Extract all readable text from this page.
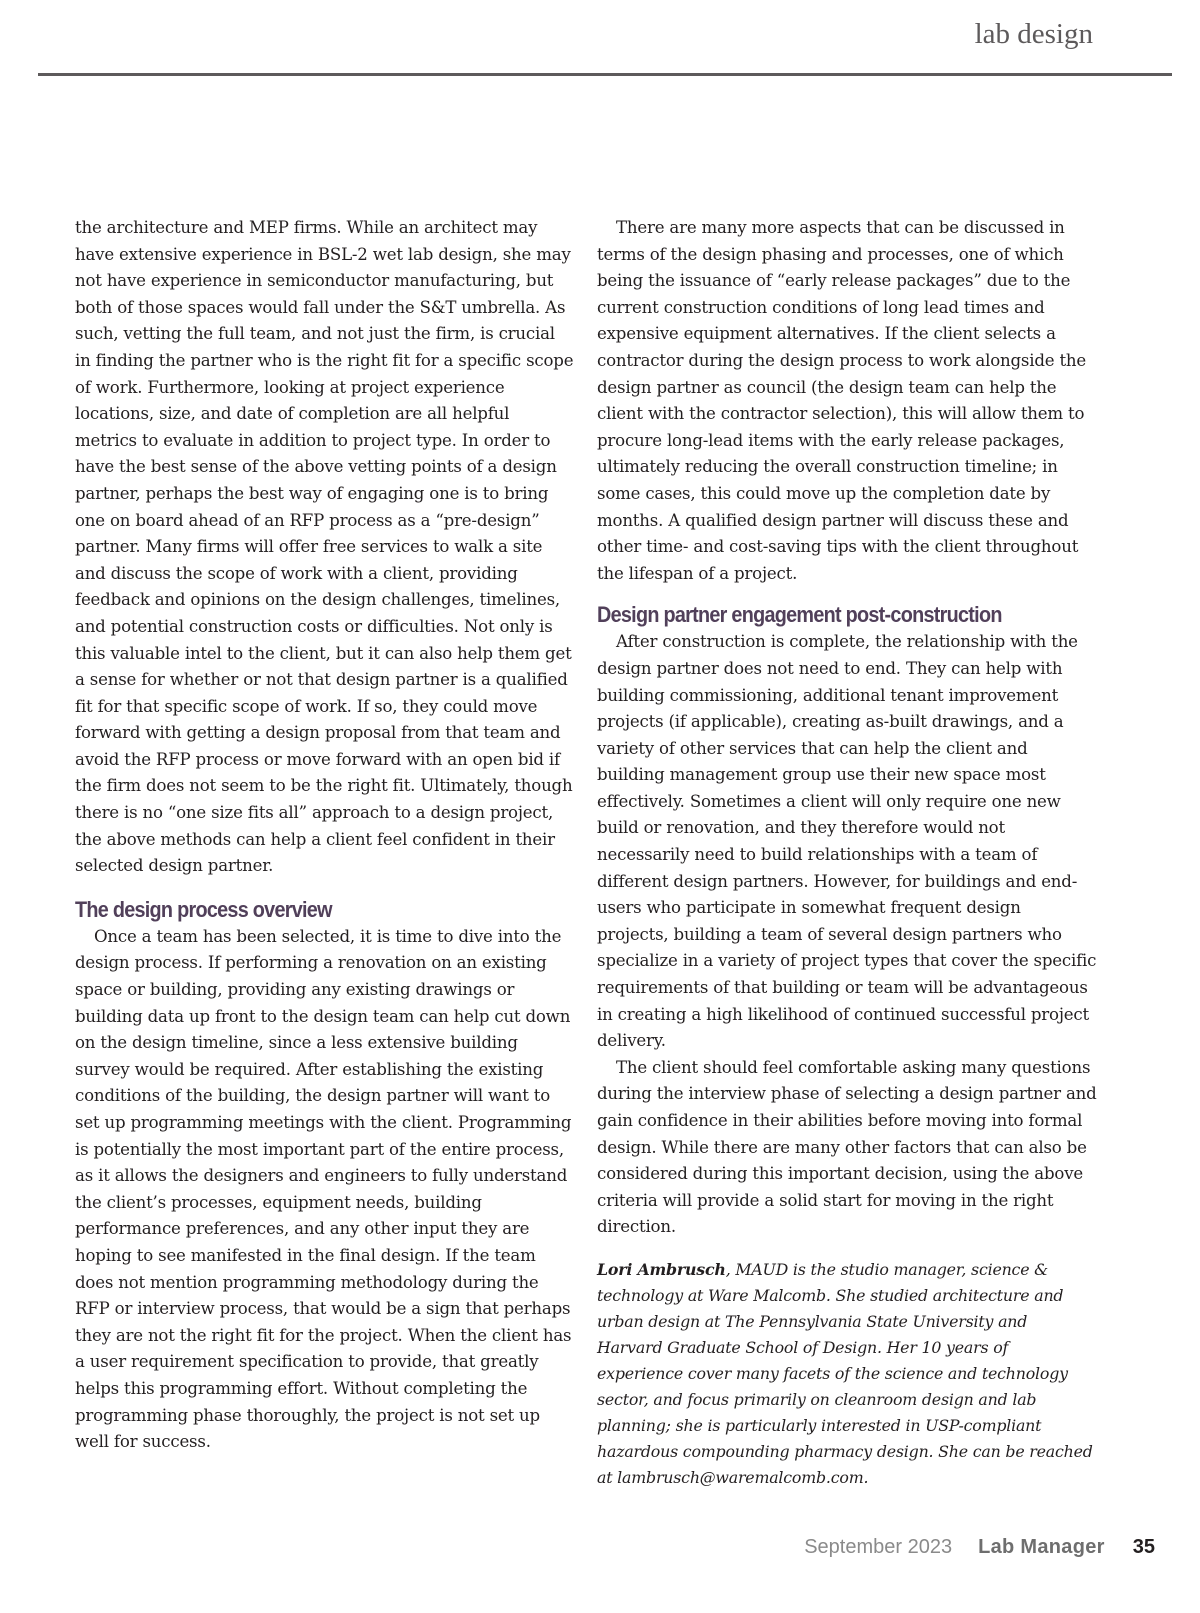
lab design

the architecture and MEP firms. While an architect may have extensive experience in BSL-2 wet lab design, she may not have experience in semiconductor manufacturing, but both of those spaces would fall under the S&T umbrella. As such, vetting the full team, and not just the firm, is crucial in finding the partner who is the right fit for a specific scope of work. Furthermore, looking at project experience locations, size, and date of completion are all helpful metrics to evaluate in addition to project type. In order to have the best sense of the above vetting points of a design partner, perhaps the best way of engaging one is to bring one on board ahead of an RFP process as a “pre-design” partner. Many firms will offer free services to walk a site and discuss the scope of work with a client, providing feedback and opinions on the design challenges, timelines, and potential construction costs or difficulties. Not only is this valuable intel to the client, but it can also help them get a sense for whether or not that design partner is a qualified fit for that specific scope of work. If so, they could move forward with getting a design proposal from that team and avoid the RFP process or move forward with an open bid if the firm does not seem to be the right fit. Ultimately, though there is no “one size fits all” approach to a design project, the above methods can help a client feel confident in their selected design partner.

The design process overview

Once a team has been selected, it is time to dive into the design process. If performing a renovation on an existing space or building, providing any existing drawings or building data up front to the design team can help cut down on the design timeline, since a less extensive building survey would be required. After establishing the existing conditions of the building, the design partner will want to set up programming meetings with the client. Programming is potentially the most important part of the entire process, as it allows the designers and engineers to fully understand the client’s processes, equipment needs, building performance preferences, and any other input they are hoping to see manifested in the final design. If the team does not mention programming methodology during the RFP or interview process, that would be a sign that perhaps they are not the right fit for the project. When the client has a user requirement specification to provide, that greatly helps this programming effort. Without completing the programming phase thoroughly, the project is not set up well for success.

There are many more aspects that can be discussed in terms of the design phasing and processes, one of which being the issuance of “early release packages” due to the current construction conditions of long lead times and expensive equipment alternatives. If the client selects a contractor during the design process to work alongside the design partner as council (the design team can help the client with the contractor selection), this will allow them to procure long-lead items with the early release packages, ultimately reducing the overall construction timeline; in some cases, this could move up the completion date by months. A qualified design partner will discuss these and other time- and cost-saving tips with the client throughout the lifespan of a project.

Design partner engagement post-construction

After construction is complete, the relationship with the design partner does not need to end. They can help with building commissioning, additional tenant improvement projects (if applicable), creating as-built drawings, and a variety of other services that can help the client and building management group use their new space most effectively. Sometimes a client will only require one new build or renovation, and they therefore would not necessarily need to build relationships with a team of different design partners. However, for buildings and end-users who participate in somewhat frequent design projects, building a team of several design partners who specialize in a variety of project types that cover the specific requirements of that building or team will be advantageous in creating a high likelihood of continued successful project delivery.

The client should feel comfortable asking many questions during the interview phase of selecting a design partner and gain confidence in their abilities before moving into formal design. While there are many other factors that can also be considered during this important decision, using the above criteria will provide a solid start for moving in the right direction.

Lori Ambrusch, MAUD is the studio manager, science & technology at Ware Malcomb. She studied architecture and urban design at The Pennsylvania State University and Harvard Graduate School of Design. Her 10 years of experience cover many facets of the science and technology sector, and focus primarily on cleanroom design and lab planning; she is particularly interested in USP-compliant hazardous compounding pharmacy design. She can be reached at lambrusch@waremalcomb.com.

September 2023 Lab Manager 35
